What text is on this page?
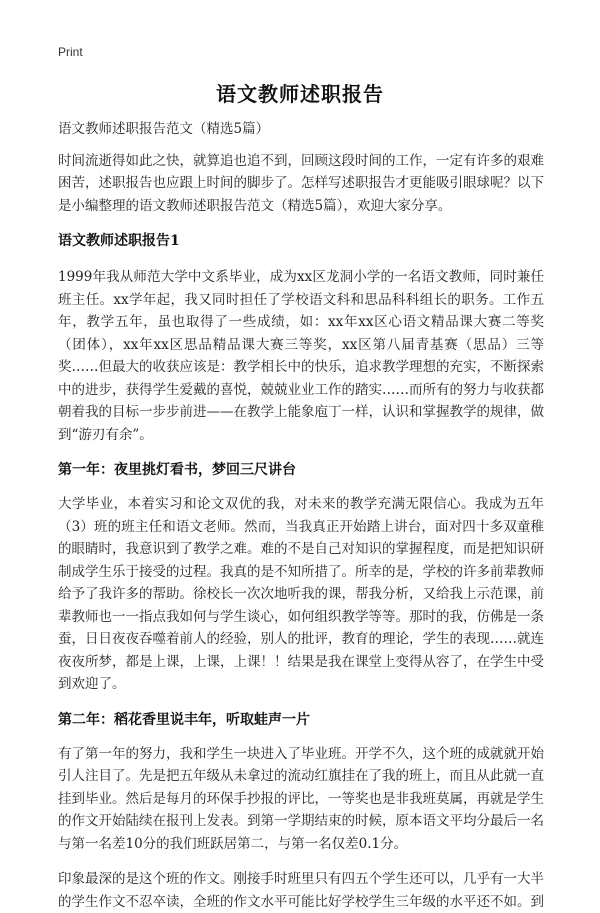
Print
语文教师述职报告

语文教师述职报告范文（精选5篇）

时间流逝得如此之快，就算追也追不到，回顾这段时间的工作，一定有许多的艰难困苦，述职报告也应跟上时间的脚步了。怎样写述职报告才更能吸引眼球呢？以下是小编整理的语文教师述职报告范文（精选5篇），欢迎大家分享。

语文教师述职报告1

1999年我从师范大学中文系毕业，成为xx区龙洞小学的一名语文教师，同时兼任班主任。xx学年起，我又同时担任了学校语文科和思品科科组长的职务。工作五年，教学五年，虽也取得了一些成绩，如：xx年xx区心语文精品课大赛二等奖（团体），xx年xx区思品精品课大赛三等奖，xx区第八届青基赛（思品）三等奖……但最大的收获应该是：教学相长中的快乐，追求教学理想的充实，不断探索中的进步，获得学生爱戴的喜悦，兢兢业业工作的踏实……而所有的努力与收获都朝着我的目标一步步前进——在教学上能象庖丁一样，认识和掌握教学的规律，做到“游刃有余”。

第一年：夜里挑灯看书，梦回三尺讲台

大学毕业，本着实习和论文双优的我，对未来的教学充满无限信心。我成为五年（3）班的班主任和语文老师。然而，当我真正开始踏上讲台，面对四十多双童稚的眼睛时，我意识到了教学之难。难的不是自己对知识的掌握程度，而是把知识研制成学生乐于接受的过程。我真的是不知所措了。所幸的是，学校的许多前辈教师给予了我许多的帮助。徐校长一次次地听我的课，帮我分析，又给我上示范课，前辈教师也一一指点我如何与学生谈心，如何组织教学等等。那时的我，仿佛是一条蚕，日日夜夜吞噬着前人的经验，别人的批评，教育的理论，学生的表现……就连夜夜所梦，都是上课，上课，上课！！结果是我在课堂上变得从容了，在学生中受到欢迎了。

第二年：稻花香里说丰年，听取蛙声一片

有了第一年的努力，我和学生一块进入了毕业班。开学不久，这个班的成就就开始引人注目了。先是把五年级从未拿过的流动红旗挂在了我的班上，而且从此就一直挂到毕业。然后是每月的环保手抄报的评比，一等奖也是非我班莫属，再就是学生的作文开始陆续在报刊上发表。到第一学期结束的时候，原本语文平均分最后一名与第一名差10分的我们班跃居第二，与第一名仅差0.1分。

印象最深的是这个班的作文。刚接手时班里只有四五个学生还可以，几乎有一大半的学生作文不忍卒读，全班的作文水平可能比好学校学生三年级的水平还不如。到
